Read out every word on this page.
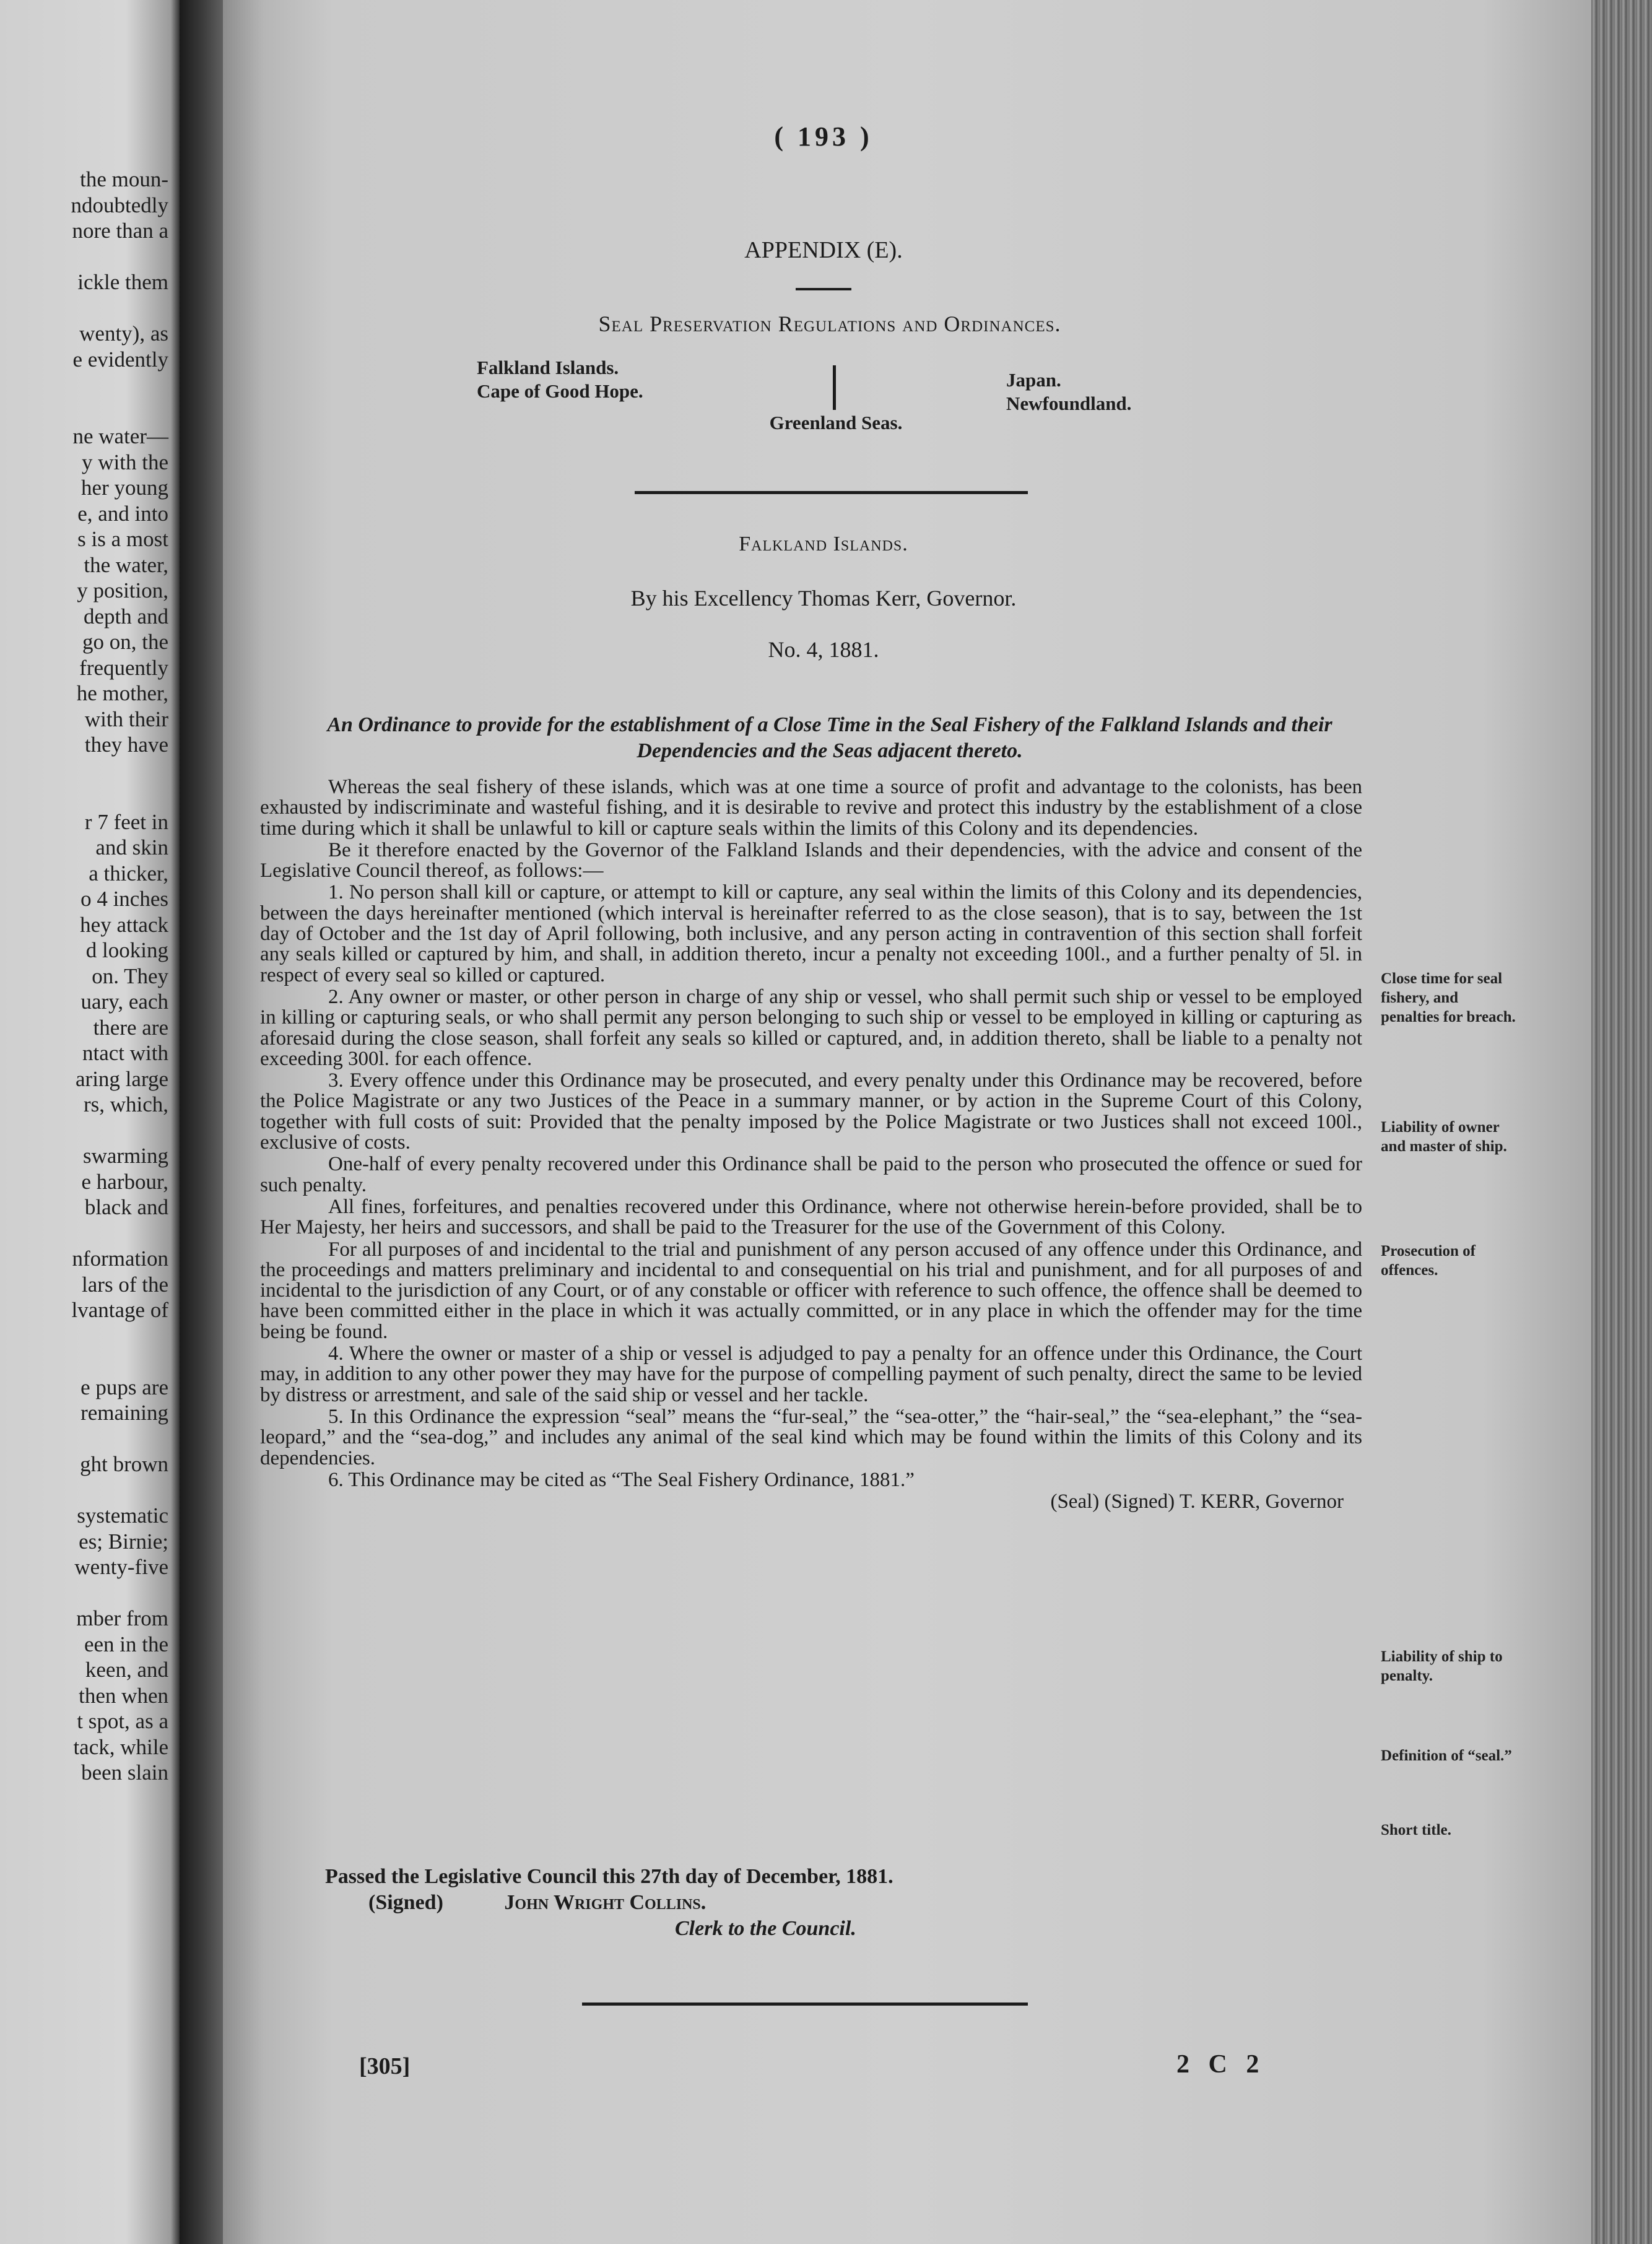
the moun-
ndoubtedly
nore than a
ickle them
wenty), as
e evidently
ne water—
y with the
her young
e, and into
s is a most
the water,
y position,
depth and
go on, the
frequently
he mother,
with their
they have
r 7 feet in
and skin
a thicker,
o 4 inches
hey attack
d looking
on. They
uary, each
there are
ntact with
aring large
rs, which,
swarming
e harbour,
black and
nformation
lars of the
lvantage of
e pups are
remaining
ght brown
systematic
es; Birnie;
wenty-five
mber from
een in the
keen, and
then when
t spot, as a
tack, while
been slain
( 193 )
APPENDIX (E).
Seal Preservation Regulations and Ordinances.
Falkland Islands.
Cape of Good Hope.
Greenland Seas.
Japan.
Newfoundland.
Falkland Islands.
By his Excellency Thomas Kerr, Governor.
No. 4, 1881.
An Ordinance to provide for the establishment of a Close Time in the Seal Fishery of the Falkland Islands and their Dependencies and the Seas adjacent thereto.

Whereas the seal fishery of these islands, which was at one time a source of profit and advantage to the colonists, has been exhausted by indiscriminate and wasteful fishing, and it is desirable to revive and protect this industry by the establishment of a close time during which it shall be unlawful to kill or capture seals within the limits of this Colony and its dependencies.

Be it therefore enacted by the Governor of the Falkland Islands and their dependencies, with the advice and consent of the Legislative Council thereof, as follows:—

1. No person shall kill or capture, or attempt to kill or capture, any seal within the limits of this Colony and its dependencies, between the days hereinafter mentioned (which interval is hereinafter referred to as the close season), that is to say, between the 1st day of October and the 1st day of April following, both inclusive, and any person acting in contravention of this section shall forfeit any seals killed or captured by him, and shall, in addition thereto, incur a penalty not exceeding 100l., and a further penalty of 5l. in respect of every seal so killed or captured.

2. Any owner or master, or other person in charge of any ship or vessel, who shall permit such ship or vessel to be employed in killing or capturing seals, or who shall permit any person belonging to such ship or vessel to be employed in killing or capturing as aforesaid during the close season, shall forfeit any seals so killed or captured, and, in addition thereto, shall be liable to a penalty not exceeding 300l. for each offence.

3. Every offence under this Ordinance may be prosecuted, and every penalty under this Ordinance may be recovered, before the Police Magistrate or any two Justices of the Peace in a summary manner, or by action in the Supreme Court of this Colony, together with full costs of suit: Provided that the penalty imposed by the Police Magistrate or two Justices shall not exceed 100l., exclusive of costs.

One-half of every penalty recovered under this Ordinance shall be paid to the person who prosecuted the offence or sued for such penalty.

All fines, forfeitures, and penalties recovered under this Ordinance, where not otherwise herein-before provided, shall be to Her Majesty, her heirs and successors, and shall be paid to the Treasurer for the use of the Government of this Colony.

For all purposes of and incidental to the trial and punishment of any person accused of any offence under this Ordinance, and the proceedings and matters preliminary and incidental to and consequential on his trial and punishment, and for all purposes of and incidental to the jurisdiction of any Court, or of any constable or officer with reference to such offence, the offence shall be deemed to have been committed either in the place in which it was actually committed, or in any place in which the offender may for the time being be found.

4. Where the owner or master of a ship or vessel is adjudged to pay a penalty for an offence under this Ordinance, the Court may, in addition to any other power they may have for the purpose of compelling payment of such penalty, direct the same to be levied by distress or arrestment, and sale of the said ship or vessel and her tackle.

5. In this Ordinance the expression “seal” means the “fur-seal,” the “sea-otter,” the “hair-seal,” the “sea-elephant,” the “sea-leopard,” and the “sea-dog,” and includes any animal of the seal kind which may be found within the limits of this Colony and its dependencies.

6. This Ordinance may be cited as “The Seal Fishery Ordinance, 1881.”

(Seal) (Signed) T. KERR, Governor

Close time for seal fishery, and penalties for breach.
Liability of owner and master of ship.
Prosecution of offences.
Liability of ship to penalty.
Definition of “seal.”
Short title.
Passed the Legislative Council this 27th day of December, 1881.
(Signed)	John Wright Collins.
Clerk to the Council.
[305]	2 C 2
